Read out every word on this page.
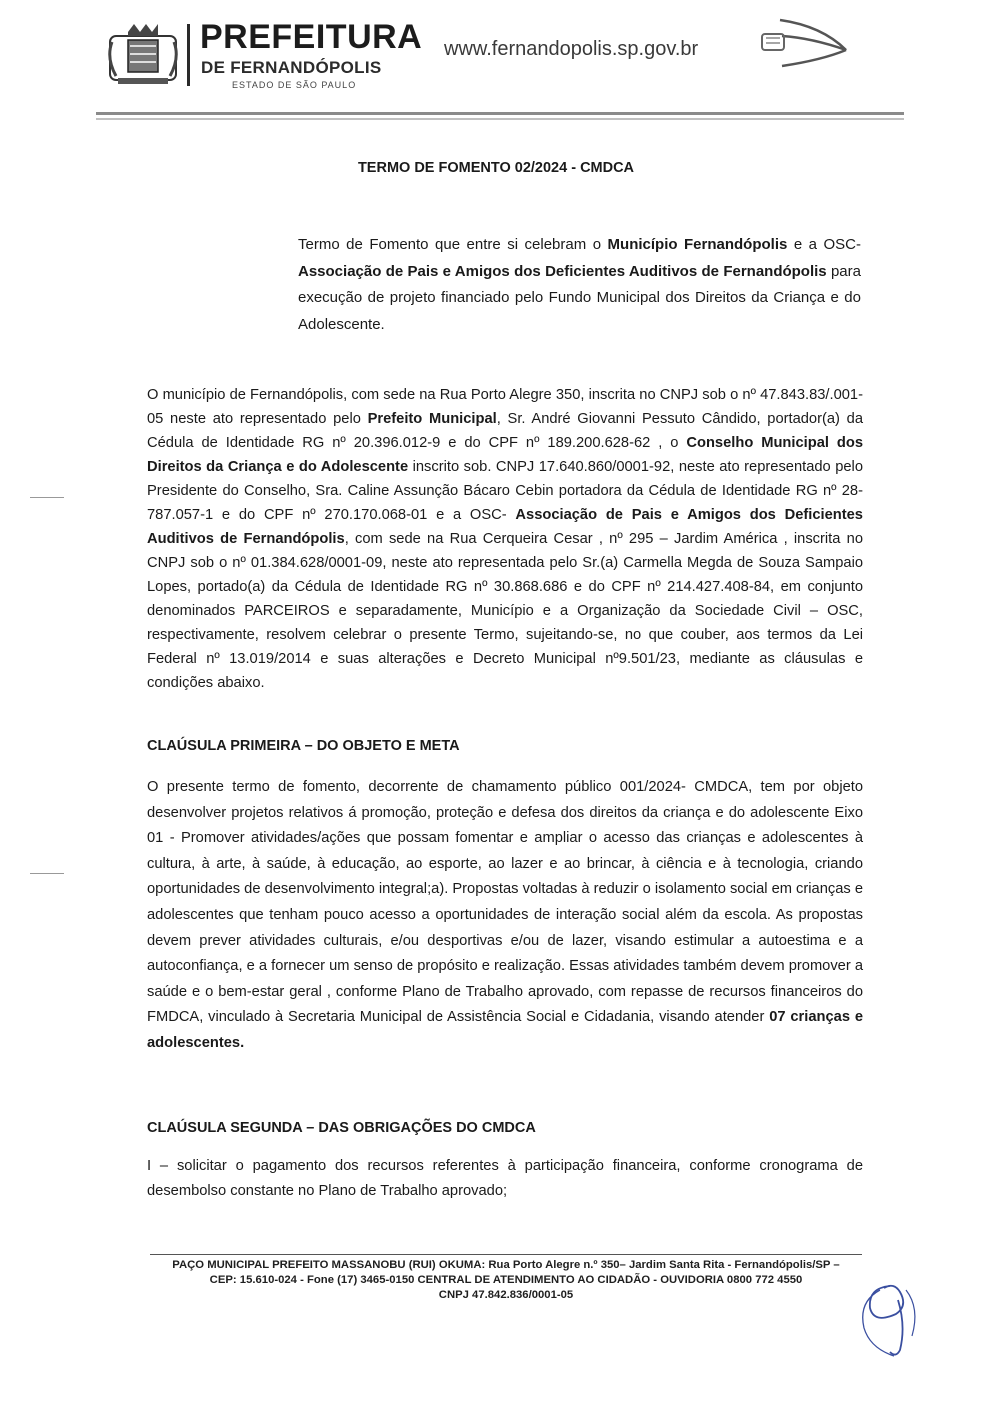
PREFEITURA
DE FERNANDÓPOLIS
ESTADO DE SÃO PAULO
www.fernandopolis.sp.gov.br
TERMO DE FOMENTO 02/2024 - CMDCA
Termo de Fomento que entre si celebram o Município Fernandópolis e a OSC- Associação de Pais e Amigos dos Deficientes Auditivos de Fernandópolis para execução de projeto financiado pelo Fundo Municipal dos Direitos da Criança e do Adolescente.
O município de Fernandópolis, com sede na Rua Porto Alegre 350, inscrita no CNPJ sob o nº 47.843.83/.001-05 neste ato representado pelo Prefeito Municipal, Sr. André Giovanni Pessuto Cândido, portador(a) da Cédula de Identidade RG nº 20.396.012-9 e do CPF nº 189.200.628-62 , o Conselho Municipal dos Direitos da Criança e do Adolescente inscrito sob. CNPJ 17.640.860/0001-92, neste ato representado pelo Presidente do Conselho, Sra. Caline Assunção Bácaro Cebin portadora da Cédula de Identidade RG nº 28-787.057-1 e do CPF nº 270.170.068-01 e a OSC- Associação de Pais e Amigos dos Deficientes Auditivos de Fernandópolis, com sede na Rua Cerqueira Cesar , nº 295 – Jardim América , inscrita no CNPJ sob o nº 01.384.628/0001-09, neste ato representada pelo Sr.(a) Carmella Megda de Souza Sampaio Lopes, portado(a) da Cédula de Identidade RG nº 30.868.686 e do CPF nº 214.427.408-84, em conjunto denominados PARCEIROS e separadamente, Município e a Organização da Sociedade Civil – OSC, respectivamente, resolvem celebrar o presente Termo, sujeitando-se, no que couber, aos termos da Lei Federal nº 13.019/2014 e suas alterações e Decreto Municipal nº9.501/23, mediante as cláusulas e condições abaixo.
CLAÚSULA PRIMEIRA – DO OBJETO E META
O presente termo de fomento, decorrente de chamamento público 001/2024- CMDCA, tem por objeto desenvolver projetos relativos á promoção, proteção e defesa dos direitos da criança e do adolescente Eixo 01 - Promover atividades/ações que possam fomentar e ampliar o acesso das crianças e adolescentes à cultura, à arte, à saúde, à educação, ao esporte, ao lazer e ao brincar, à ciência e à tecnologia, criando oportunidades de desenvolvimento integral;a). Propostas voltadas à reduzir o isolamento social em crianças e adolescentes que tenham pouco acesso a oportunidades de interação social além da escola. As propostas devem prever atividades culturais, e/ou desportivas e/ou de lazer, visando estimular a autoestima e a autoconfiança, e a fornecer um senso de propósito e realização. Essas atividades também devem promover a saúde e o bem-estar geral , conforme Plano de Trabalho aprovado, com repasse de recursos financeiros do FMDCA, vinculado à Secretaria Municipal de Assistência Social e Cidadania, visando atender 07 crianças e adolescentes.
CLAÚSULA SEGUNDA – DAS OBRIGAÇÕES DO CMDCA
I – solicitar o pagamento dos recursos referentes à participação financeira, conforme cronograma de desembolso constante no Plano de Trabalho aprovado;
PAÇO MUNICIPAL PREFEITO MASSANOBU (RUI) OKUMA: Rua Porto Alegre n.º 350– Jardim Santa Rita - Fernandópolis/SP –
CEP: 15.610-024 - Fone (17) 3465-0150 CENTRAL DE ATENDIMENTO AO CIDADÃO - OUVIDORIA 0800 772 4550
CNPJ 47.842.836/0001-05
